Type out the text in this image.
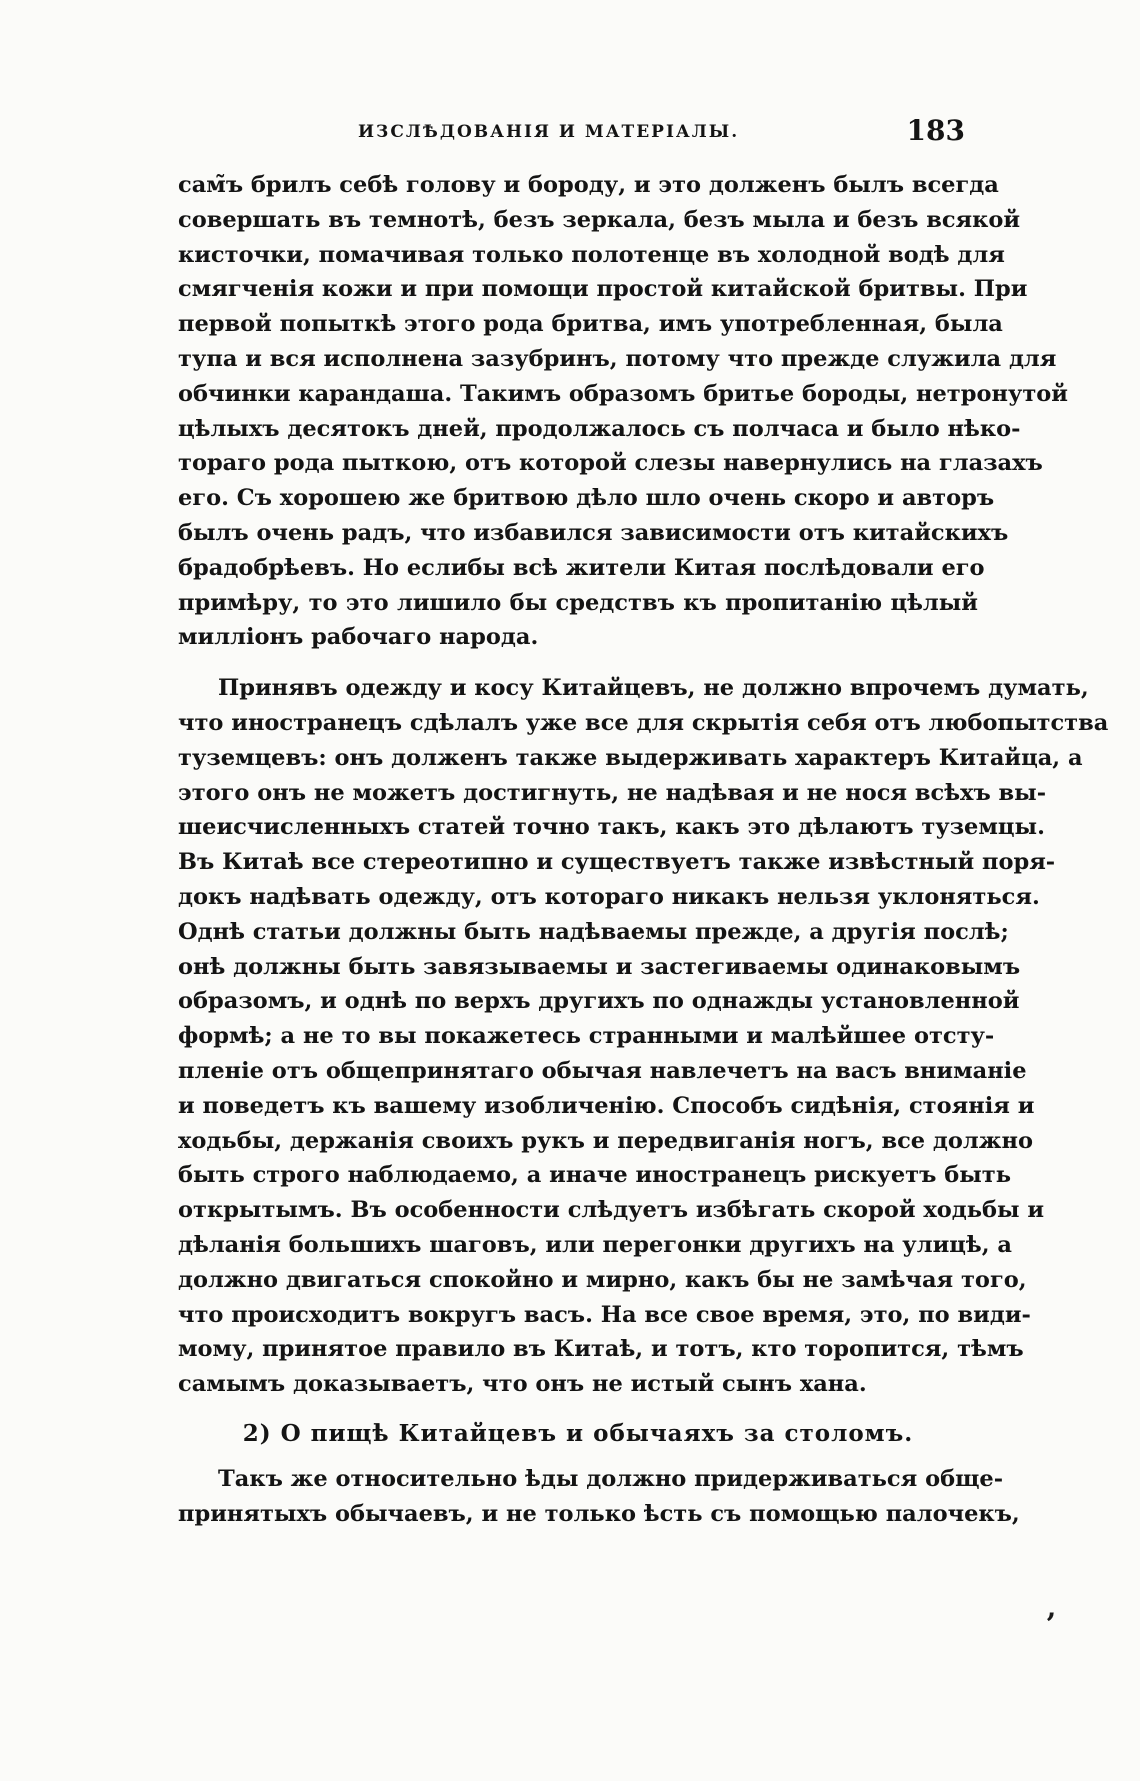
ИЗСЛѢДОВАНІЯ И МАТЕРІАЛЫ.	183
сам̃ъ брилъ себѣ голову и бороду, и это долженъ былъ всегда
совершать въ темнотѣ, безъ зеркала, безъ мыла и безъ всякой
кисточки, помачивая только полотенце въ холодной водѣ для
смягченія кожи и при помощи простой китайской бритвы. При
первой попыткѣ этого рода бритва, имъ употребленная, была
тупа и вся исполнена зазубринъ, потому что прежде служила для
обчинки карандаша. Такимъ образомъ бритье бороды, нетронутой
цѣлыхъ десятокъ дней, продолжалось съ полчаса и было нѣко-
тораго рода пыткою, отъ которой слезы навернулись на глазахъ
его. Съ хорошею же бритвою дѣло шло очень скоро и авторъ
былъ очень радъ, что избавился зависимости отъ китайскихъ
брадобрѣевъ. Но еслибы всѣ жители Китая послѣдовали его
примѣру, то это лишило бы средствъ къ пропитанію цѣлый
милліонъ рабочаго народа.
Принявъ одежду и косу Китайцевъ, не должно впрочемъ думать,
что иностранецъ сдѣлалъ уже все для скрытія себя отъ любопытства
туземцевъ: онъ долженъ также выдерживать характеръ Китайца, а
этого онъ не можетъ достигнуть, не надѣвая и не нося всѣхъ вы-
шеисчисленныхъ статей точно такъ, какъ это дѣлаютъ туземцы.
Въ Китаѣ все стереотипно и существуетъ также извѣстный поря-
докъ надѣвать одежду, отъ котораго никакъ нельзя уклоняться.
Однѣ статьи должны быть надѣваемы прежде, а другія послѣ;
онѣ должны быть завязываемы и застегиваемы одинаковымъ
образомъ, и однѣ по верхъ другихъ по однажды установленной
формѣ; а не то вы покажетесь странными и малѣйшее отсту-
пленіе отъ общепринятаго обычая навлечетъ на васъ вниманіе
и поведетъ къ вашему изобличенію. Способъ сидѣнія, стоянія и
ходьбы, держанія своихъ рукъ и передвиганія ногъ, все должно
быть строго наблюдаемо, а иначе иностранецъ рискуетъ быть
открытымъ. Въ особенности слѣдуетъ избѣгать скорой ходьбы и
дѣланія большихъ шаговъ, или перегонки другихъ на улицѣ, а
должно двигаться спокойно и мирно, какъ бы не замѣчая того,
что происходитъ вокругъ васъ. На все свое время, это, по види-
мому, принятое правило въ Китаѣ, и тотъ, кто торопится, тѣмъ
самымъ доказываетъ, что онъ не истый сынъ хана.
2) О пищѣ Китайцевъ и обычаяхъ за столомъ.
Такъ же относительно ѣды должно придерживаться обще-
принятыхъ обычаевъ, и не только ѣсть съ помощью палочекъ,
ʼ
